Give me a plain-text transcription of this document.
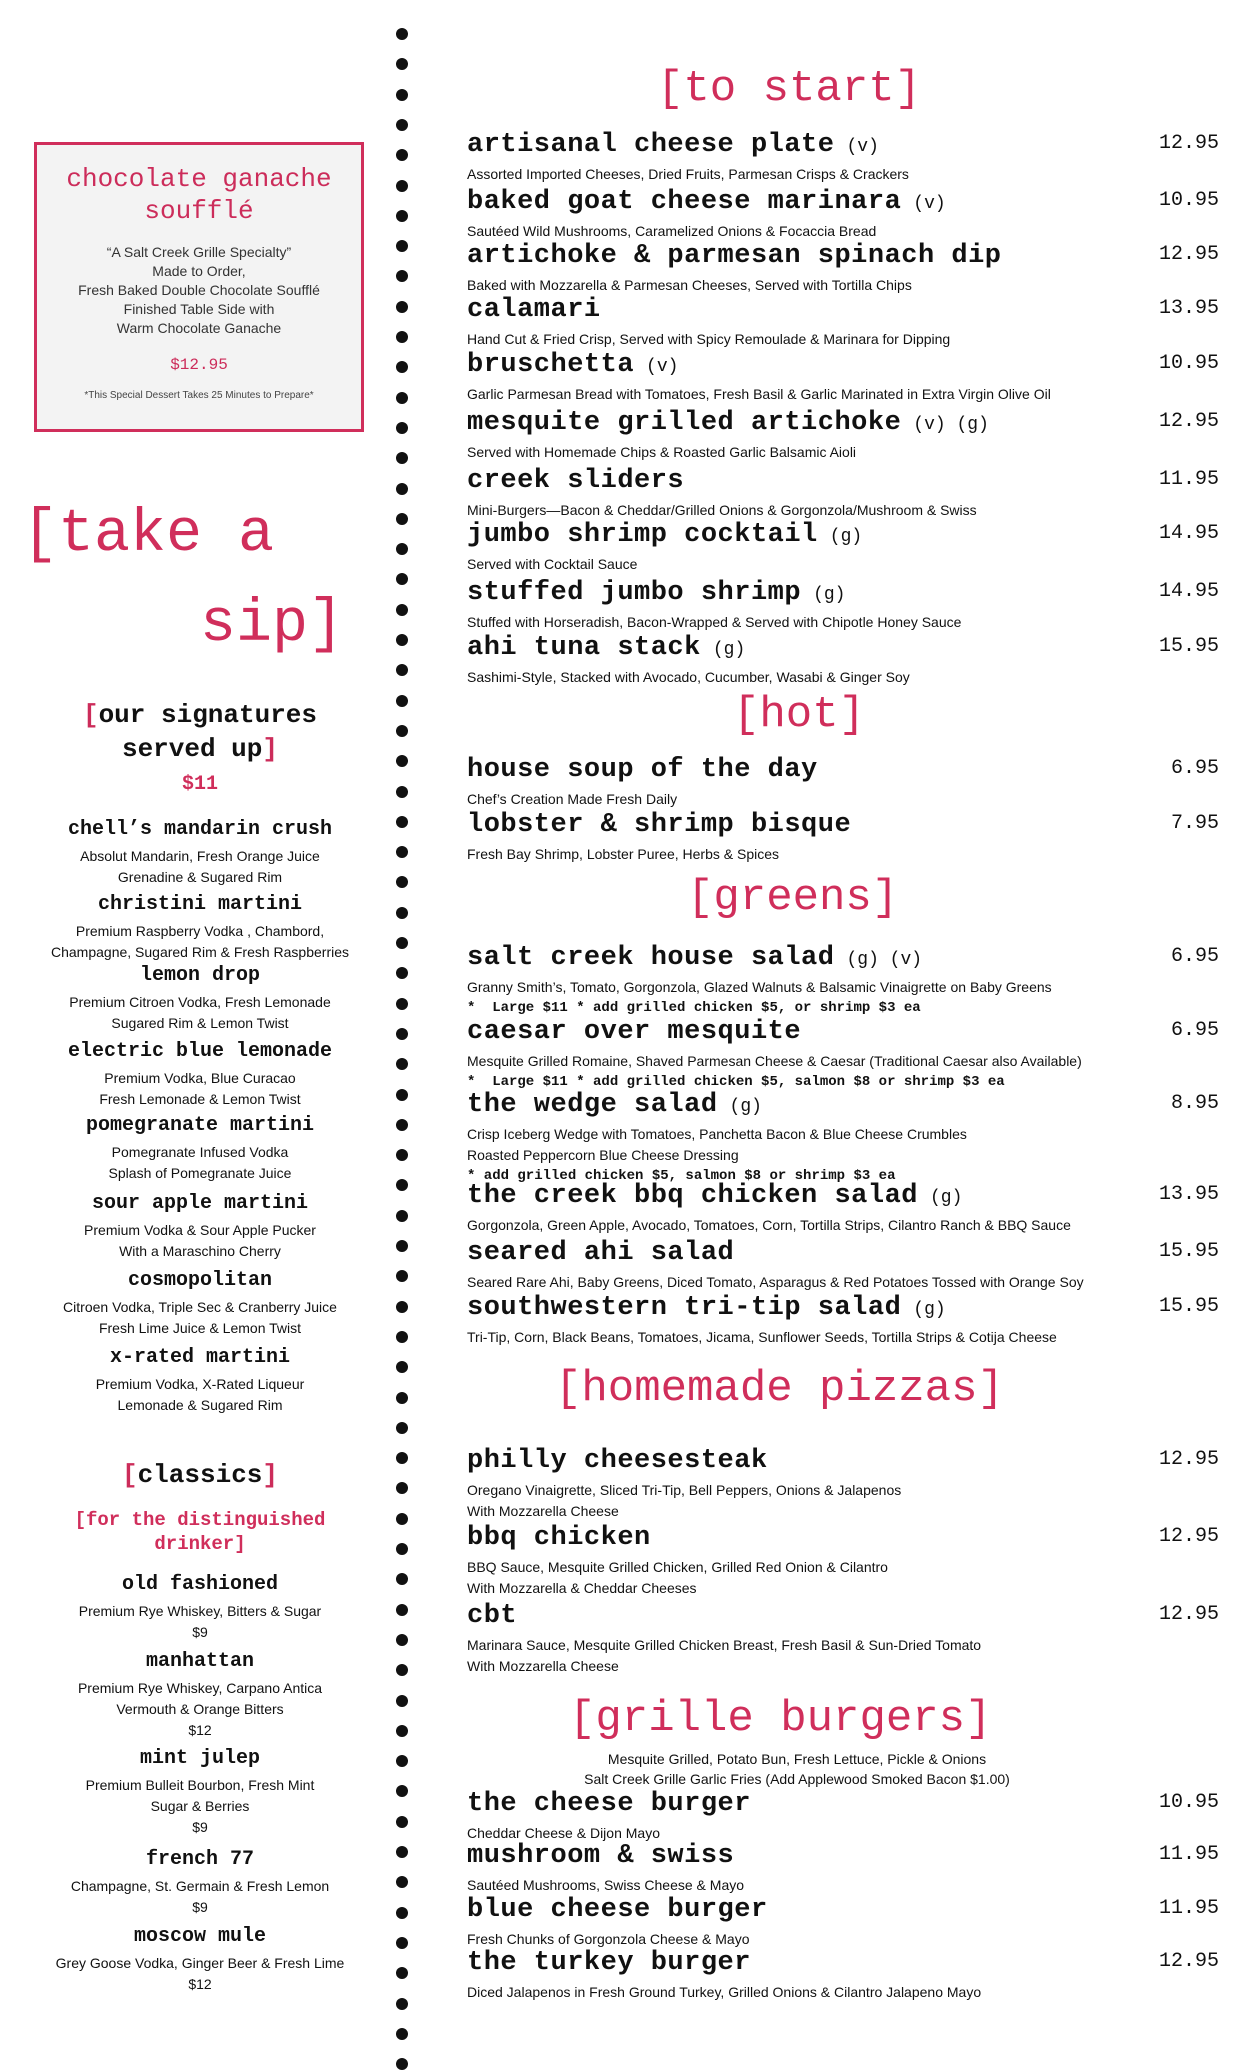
chocolate ganache
soufflé
“A Salt Creek Grille Specialty”
Made to Order,
Fresh Baked Double Chocolate Soufflé
Finished Table Side with
Warm Chocolate Ganache
$12.95
*This Special Dessert Takes 25 Minutes to Prepare*
[take a
sip]
[our signatures
served up]
$11
chell’s mandarin crush
Absolut Mandarin, Fresh Orange Juice
Grenadine & Sugared Rim
christini martini
Premium Raspberry Vodka , Chambord,
Champagne, Sugared Rim & Fresh Raspberries
lemon drop
Premium Citroen Vodka, Fresh Lemonade
Sugared Rim & Lemon Twist
electric blue lemonade
Premium Vodka, Blue Curacao
Fresh Lemonade & Lemon Twist
pomegranate martini
Pomegranate Infused Vodka
Splash of Pomegranate Juice
sour apple martini
Premium Vodka & Sour Apple Pucker
With a Maraschino Cherry
cosmopolitan
Citroen Vodka, Triple Sec & Cranberry Juice
Fresh Lime Juice & Lemon Twist
x-rated martini
Premium Vodka, X-Rated Liqueur
Lemonade & Sugared Rim
old fashioned
Premium Rye Whiskey, Bitters & Sugar
$9
manhattan
Premium Rye Whiskey, Carpano Antica
Vermouth & Orange Bitters
$12
mint julep
Premium Bulleit Bourbon, Fresh Mint
Sugar & Berries
$9
french 77
Champagne, St. Germain & Fresh Lemon
$9
moscow mule
Grey Goose Vodka, Ginger Beer & Fresh Lime
$12
[classics]
[for the distinguished
drinker]
[to start]
[hot]
[greens]
[homemade pizzas]
[grille burgers]
Mesquite Grilled, Potato Bun, Fresh Lettuce, Pickle & Onions
Salt Creek Grille Garlic Fries (Add Applewood Smoked Bacon $1.00)
artisanal cheese plate (v)	12.95
Assorted Imported Cheeses, Dried Fruits, Parmesan Crisps & Crackers
baked goat cheese marinara (v)	10.95
Sautéed Wild Mushrooms, Caramelized Onions & Focaccia Bread
artichoke & parmesan spinach dip	12.95
Baked with Mozzarella & Parmesan Cheeses, Served with Tortilla Chips
calamari	13.95
Hand Cut & Fried Crisp, Served with Spicy Remoulade & Marinara for Dipping
bruschetta (v)	10.95
Garlic Parmesan Bread with Tomatoes, Fresh Basil & Garlic Marinated in Extra Virgin Olive Oil
mesquite grilled artichoke (v) (g)	12.95
Served with Homemade Chips & Roasted Garlic Balsamic Aioli
creek sliders	11.95
Mini-Burgers—Bacon & Cheddar/Grilled Onions & Gorgonzola/Mushroom & Swiss
jumbo shrimp cocktail (g)	14.95
Served with Cocktail Sauce
stuffed jumbo shrimp (g)	14.95
Stuffed with Horseradish, Bacon-Wrapped & Served with Chipotle Honey Sauce
ahi tuna stack (g)	15.95
Sashimi-Style, Stacked with Avocado, Cucumber, Wasabi & Ginger Soy
house soup of the day	6.95
Chef’s Creation Made Fresh Daily
lobster & shrimp bisque	7.95
Fresh Bay Shrimp, Lobster Puree, Herbs & Spices
salt creek house salad (g) (v)	6.95
Granny Smith’s, Tomato, Gorgonzola, Glazed Walnuts & Balsamic Vinaigrette on Baby Greens
*  Large $11 * add grilled chicken $5, or shrimp $3 ea
caesar over mesquite	6.95
Mesquite Grilled Romaine, Shaved Parmesan Cheese & Caesar (Traditional Caesar also Available)
*  Large $11 * add grilled chicken $5, salmon $8 or shrimp $3 ea
the wedge salad (g)	8.95
Crisp Iceberg Wedge with Tomatoes, Panchetta Bacon & Blue Cheese Crumbles
Roasted Peppercorn Blue Cheese Dressing
* add grilled chicken $5, salmon $8 or shrimp $3 ea
the creek bbq chicken salad (g)	13.95
Gorgonzola, Green Apple, Avocado, Tomatoes, Corn, Tortilla Strips, Cilantro Ranch & BBQ Sauce
seared ahi salad	15.95
Seared Rare Ahi, Baby Greens, Diced Tomato, Asparagus & Red Potatoes Tossed with Orange Soy
southwestern tri-tip salad (g)	15.95
Tri-Tip, Corn, Black Beans, Tomatoes, Jicama, Sunflower Seeds, Tortilla Strips & Cotija Cheese
philly cheesesteak	12.95
Oregano Vinaigrette, Sliced Tri-Tip, Bell Peppers, Onions & Jalapenos
With Mozzarella Cheese
bbq chicken	12.95
BBQ Sauce, Mesquite Grilled Chicken, Grilled Red Onion & Cilantro
With Mozzarella & Cheddar Cheeses
cbt	12.95
Marinara Sauce, Mesquite Grilled Chicken Breast, Fresh Basil & Sun-Dried Tomato
With Mozzarella Cheese
the cheese burger	10.95
Cheddar Cheese & Dijon Mayo
mushroom & swiss	11.95
Sautéed Mushrooms, Swiss Cheese & Mayo
blue cheese burger	11.95
Fresh Chunks of Gorgonzola Cheese & Mayo
the turkey burger	12.95
Diced Jalapenos in Fresh Ground Turkey, Grilled Onions & Cilantro Jalapeno Mayo
